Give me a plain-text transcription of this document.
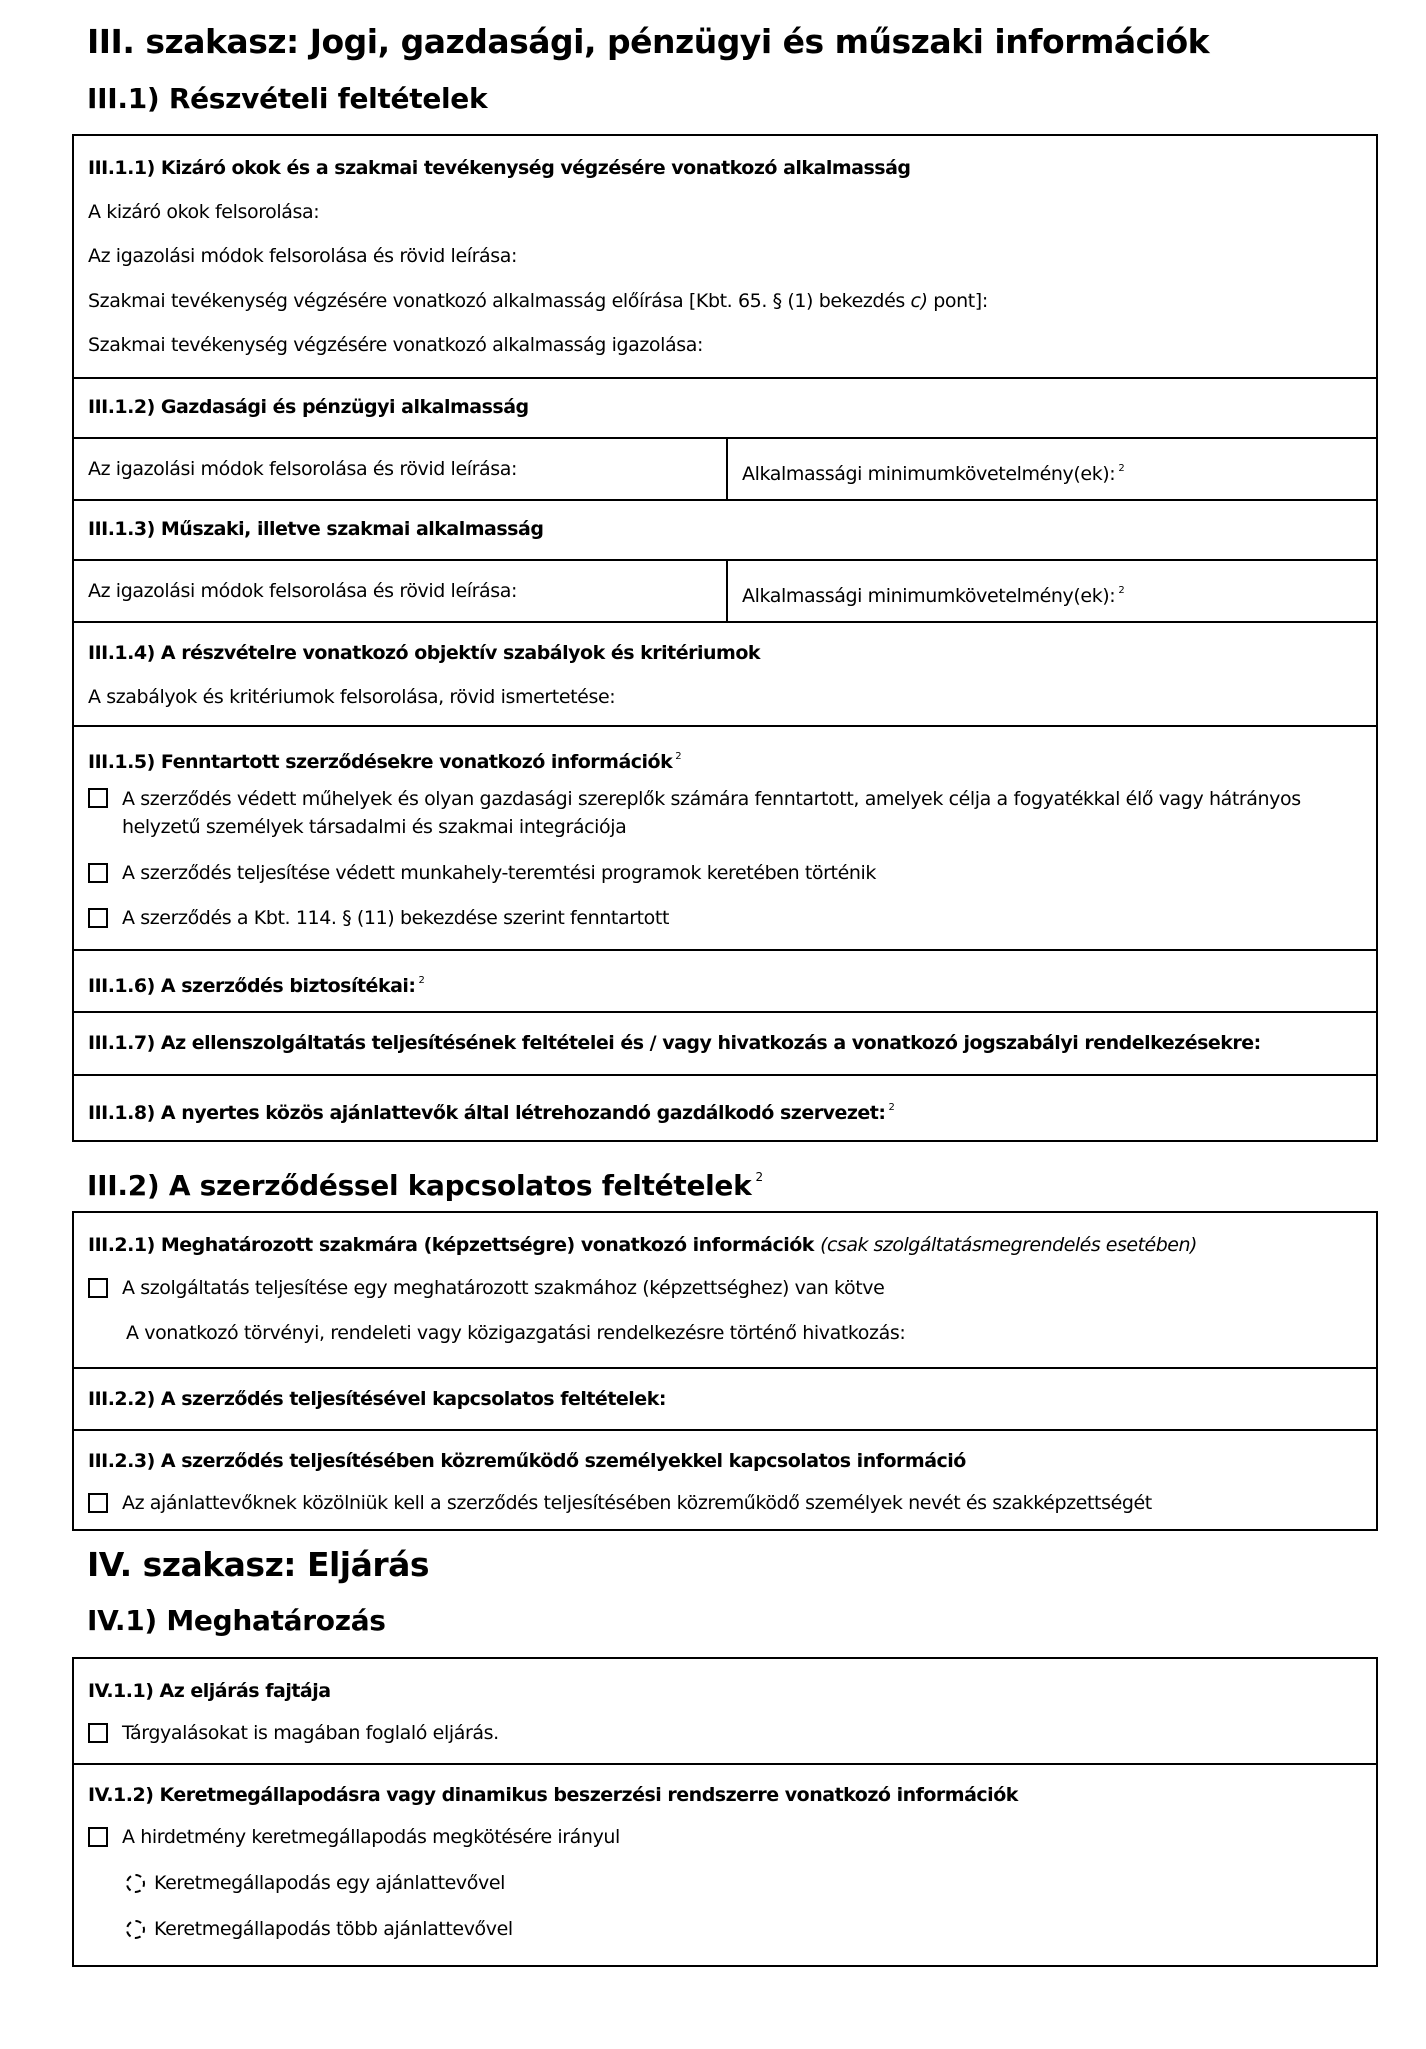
III. szakasz: Jogi, gazdasági, pénzügyi és műszaki információk
III.1) Részvételi feltételek
III.1.1) Kizáró okok és a szakmai tevékenység végzésére vonatkozó alkalmasság
A kizáró okok felsorolása:
Az igazolási módok felsorolása és rövid leírása:
Szakmai tevékenység végzésére vonatkozó alkalmasság előírása [Kbt. 65. § (1) bekezdés c) pont]:
Szakmai tevékenység végzésére vonatkozó alkalmasság igazolása:
III.1.2) Gazdasági és pénzügyi alkalmasság
Az igazolási módok felsorolása és rövid leírása:	Alkalmassági minimumkövetelmény(ek): $^2$
III.1.3) Műszaki, illetve szakmai alkalmasság
Az igazolási módok felsorolása és rövid leírása:	Alkalmassági minimumkövetelmény(ek): $^2$
III.1.4) A részvételre vonatkozó objektív szabályok és kritériumok
A szabályok és kritériumok felsorolása, rövid ismertetése:
III.1.5) Fenntartott szerződésekre vonatkozó információk $^2$
A szerződés védett műhelyek és olyan gazdasági szereplők számára fenntartott, amelyek célja a fogyatékkal élő vagy hátrányos helyzetű személyek társadalmi és szakmai integrációja
A szerződés teljesítése védett munkahely-teremtési programok keretében történik
A szerződés a Kbt. 114. § (11) bekezdése szerint fenntartott
III.1.6) A szerződés biztosítékai: $^2$
III.1.7) Az ellenszolgáltatás teljesítésének feltételei és / vagy hivatkozás a vonatkozó jogszabályi rendelkezésekre:
III.1.8) A nyertes közös ajánlattevők által létrehozandó gazdálkodó szervezet: $^2$
III.2) A szerződéssel kapcsolatos feltételek $^2$
III.2.1) Meghatározott szakmára (képzettségre) vonatkozó információk (csak szolgáltatásmegrendelés esetében)
A szolgáltatás teljesítése egy meghatározott szakmához (képzettséghez) van kötve
A vonatkozó törvényi, rendeleti vagy közigazgatási rendelkezésre történő hivatkozás:
III.2.2) A szerződés teljesítésével kapcsolatos feltételek:
III.2.3) A szerződés teljesítésében közreműködő személyekkel kapcsolatos információ
Az ajánlattevőknek közölniük kell a szerződés teljesítésében közreműködő személyek nevét és szakképzettségét
IV. szakasz: Eljárás
IV.1) Meghatározás
IV.1.1) Az eljárás fajtája
Tárgyalásokat is magában foglaló eljárás.
IV.1.2) Keretmegállapodásra vagy dinamikus beszerzési rendszerre vonatkozó információk
A hirdetmény keretmegállapodás megkötésére irányul
Keretmegállapodás egy ajánlattevővel
Keretmegállapodás több ajánlattevővel
